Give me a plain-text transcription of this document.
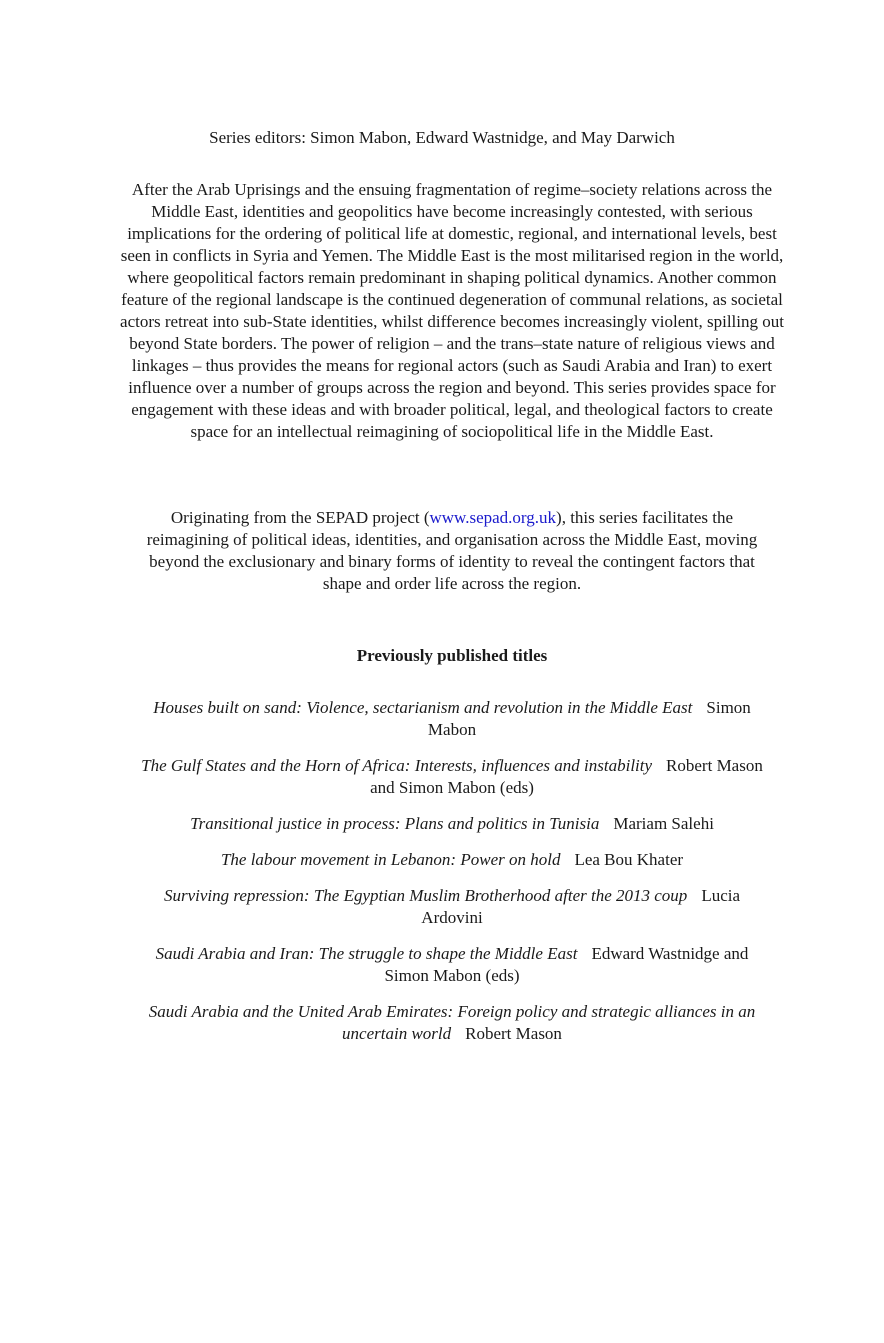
Series editors: Simon Mabon, Edward Wastnidge, and May Darwich
After the Arab Uprisings and the ensuing fragmentation of regime–society relations across the Middle East, identities and geopolitics have become increasingly contested, with serious implications for the ordering of political life at domestic, regional, and international levels, best seen in conflicts in Syria and Yemen. The Middle East is the most militarised region in the world, where geopolitical factors remain predominant in shaping political dynamics. Another common feature of the regional landscape is the continued degeneration of communal relations, as societal actors retreat into sub-State identities, whilst difference becomes increasingly violent, spilling out beyond State borders. The power of religion – and the trans–state nature of religious views and linkages – thus provides the means for regional actors (such as Saudi Arabia and Iran) to exert influence over a number of groups across the region and beyond. This series provides space for engagement with these ideas and with broader political, legal, and theological factors to create space for an intellectual reimagining of sociopolitical life in the Middle East.
Originating from the SEPAD project (www.sepad.org.uk), this series facilitates the reimagining of political ideas, identities, and organisation across the Middle East, moving beyond the exclusionary and binary forms of identity to reveal the contingent factors that shape and order life across the region.
Previously published titles
Houses built on sand: Violence, sectarianism and revolution in the Middle East Simon Mabon
The Gulf States and the Horn of Africa: Interests, influences and instability Robert Mason and Simon Mabon (eds)
Transitional justice in process: Plans and politics in Tunisia Mariam Salehi
The labour movement in Lebanon: Power on hold Lea Bou Khater
Surviving repression: The Egyptian Muslim Brotherhood after the 2013 coup Lucia Ardovini
Saudi Arabia and Iran: The struggle to shape the Middle East Edward Wastnidge and Simon Mabon (eds)
Saudi Arabia and the United Arab Emirates: Foreign policy and strategic alliances in an uncertain world Robert Mason
